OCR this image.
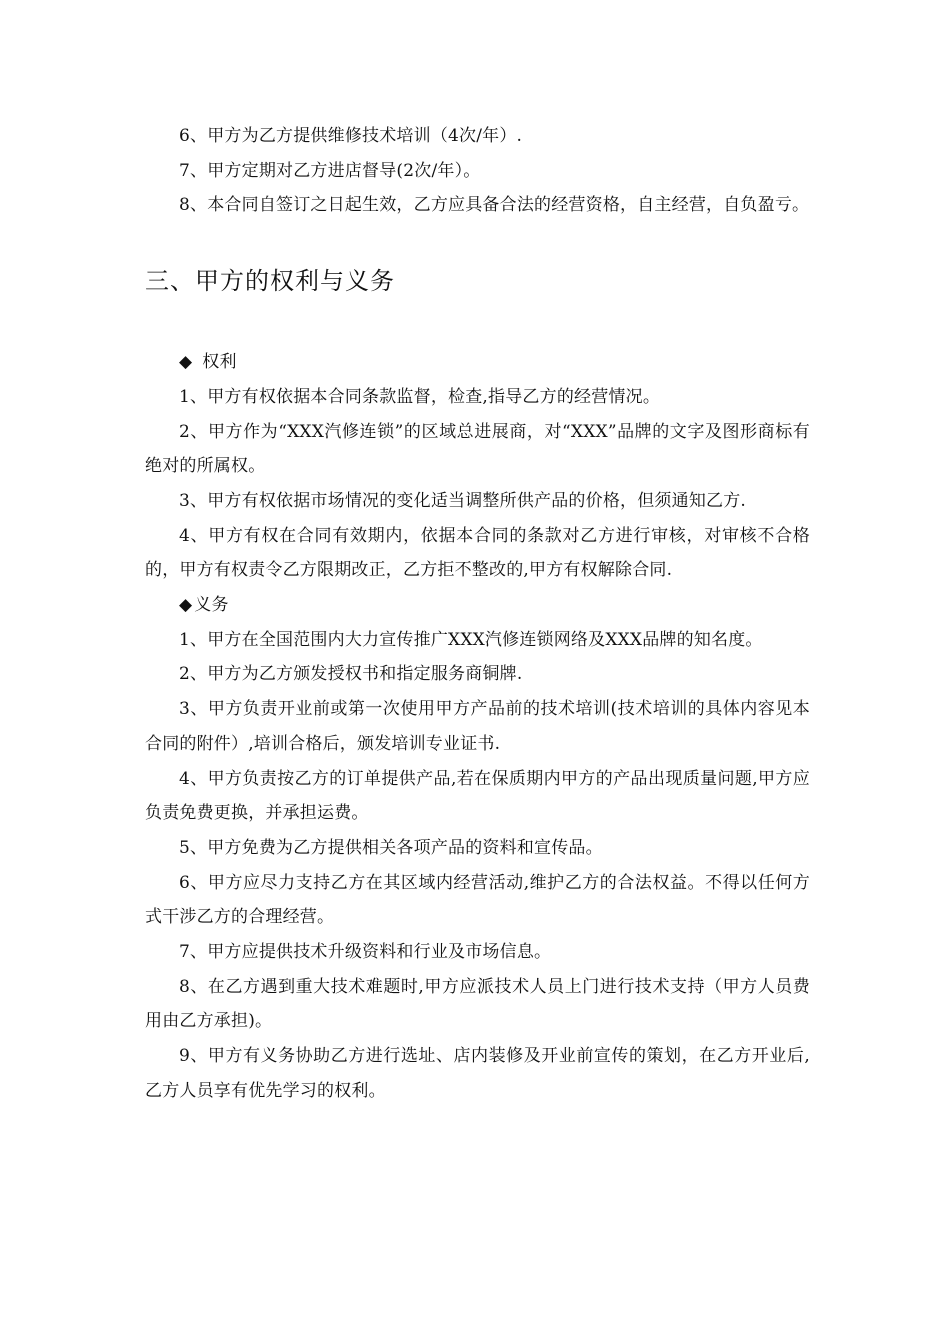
6、甲方为乙方提供维修技术培训（4次/年）.

7、甲方定期对乙方进店督导(2次/年）。

8、本合同自签订之日起生效，乙方应具备合法的经营资格，自主经营，自负盈亏。

三、甲方的权利与义务

◆ 权利

1、甲方有权依据本合同条款监督，检查,指导乙方的经营情况。

2、甲方作为“XXX汽修连锁”的区域总进展商，对“XXX”品牌的文字及图形商标有绝对的所属权。

3、甲方有权依据市场情况的变化适当调整所供产品的价格，但须通知乙方.

4、甲方有权在合同有效期内，依据本合同的条款对乙方进行审核，对审核不合格的，甲方有权责令乙方限期改正，乙方拒不整改的,甲方有权解除合同.

◆ 义务

1、甲方在全国范围内大力宣传推广XXX汽修连锁网络及XXX品牌的知名度。

2、甲方为乙方颁发授权书和指定服务商铜牌.

3、甲方负责开业前或第一次使用甲方产品前的技术培训(技术培训的具体内容见本合同的附件）,培训合格后，颁发培训专业证书.

4、甲方负责按乙方的订单提供产品,若在保质期内甲方的产品出现质量问题,甲方应负责免费更换，并承担运费。

5、甲方免费为乙方提供相关各项产品的资料和宣传品。

6、甲方应尽力支持乙方在其区域内经营活动,维护乙方的合法权益。不得以任何方式干涉乙方的合理经营。

7、甲方应提供技术升级资料和行业及市场信息。

8、在乙方遇到重大技术难题时,甲方应派技术人员上门进行技术支持（甲方人员费用由乙方承担)。

9、甲方有义务协助乙方进行选址、店内装修及开业前宣传的策划，在乙方开业后,乙方人员享有优先学习的权利。
